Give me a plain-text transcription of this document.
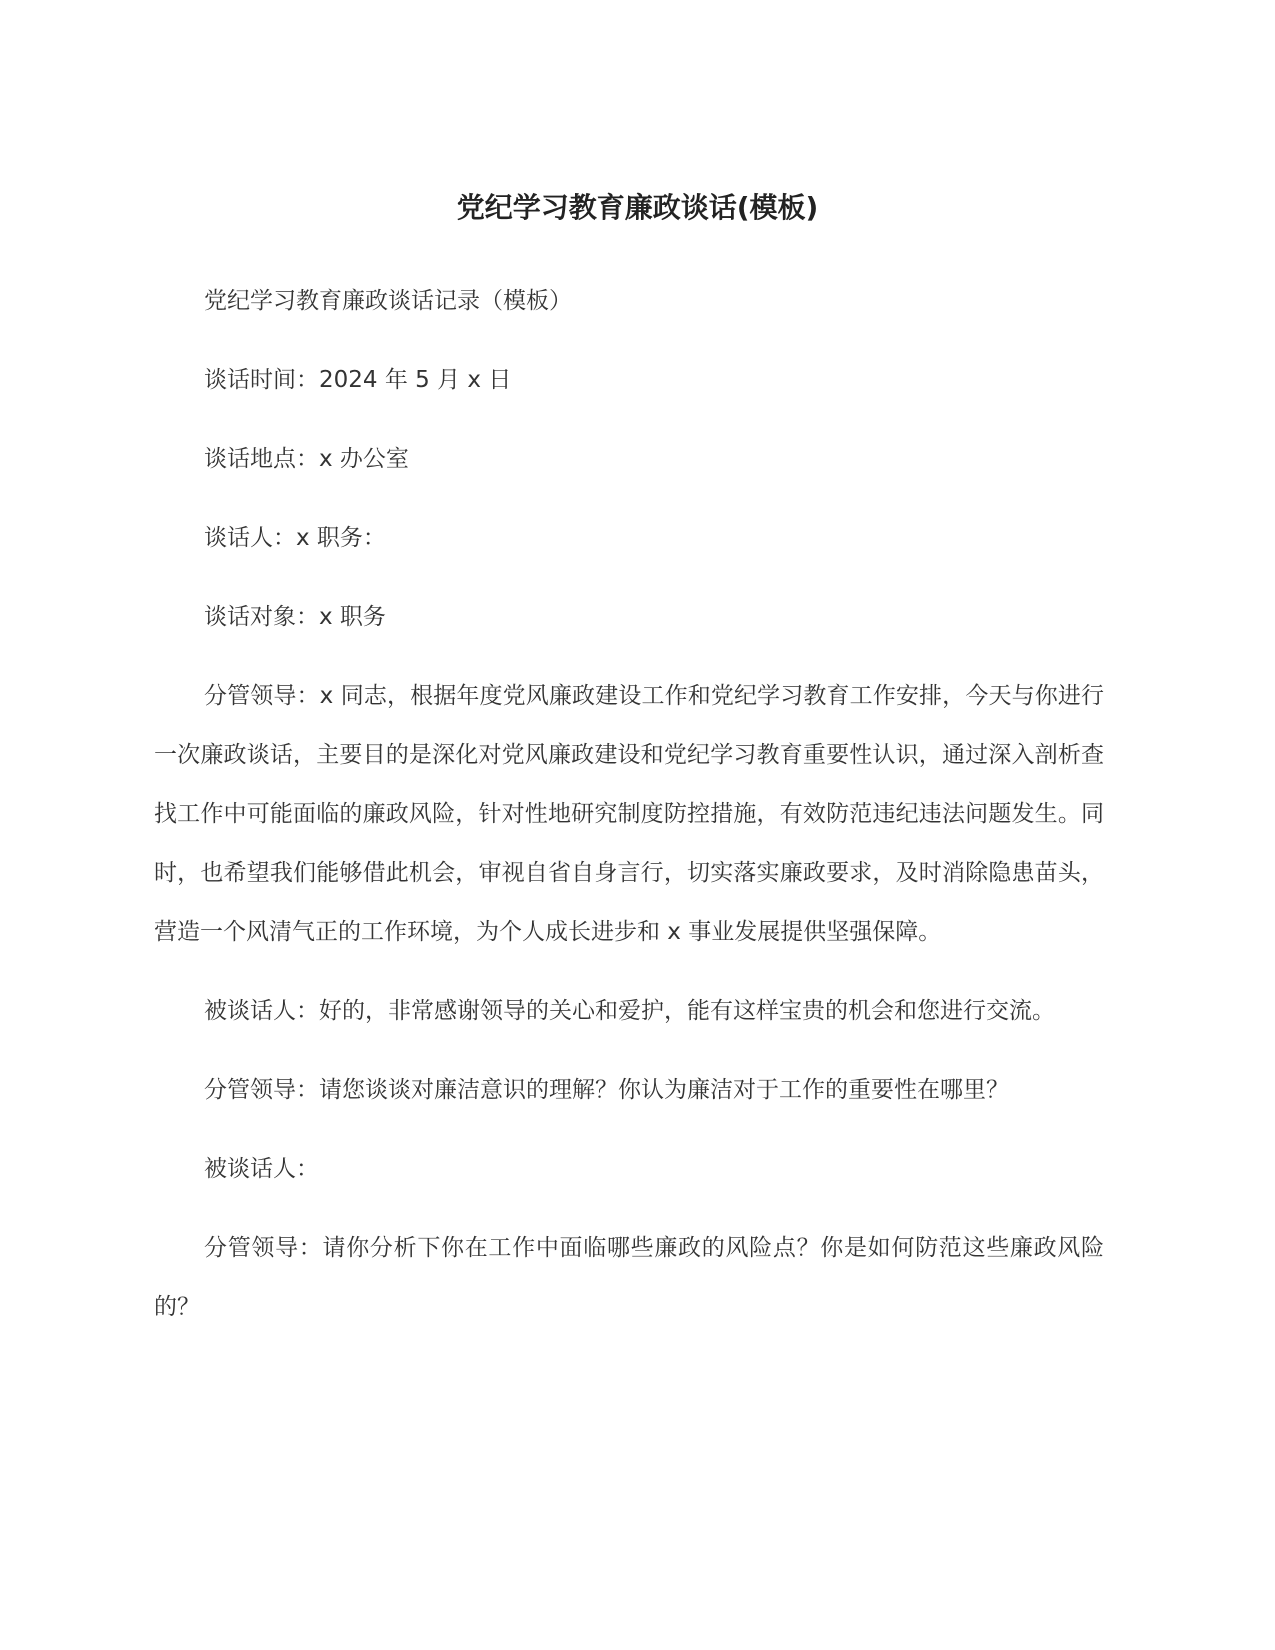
党纪学习教育廉政谈话(模板)

党纪学习教育廉政谈话记录（模板）

谈话时间：2024 年 5 月 x 日

谈话地点：x 办公室

谈话人：x 职务：

谈话对象：x 职务

分管领导：x 同志，根据年度党风廉政建设工作和党纪学习教育工作安排，今天与你进行一次廉政谈话，主要目的是深化对党风廉政建设和党纪学习教育重要性认识，通过深入剖析查找工作中可能面临的廉政风险，针对性地研究制度防控措施，有效防范违纪违法问题发生。同时，也希望我们能够借此机会，审视自省自身言行，切实落实廉政要求，及时消除隐患苗头，营造一个风清气正的工作环境，为个人成长进步和 x 事业发展提供坚强保障。

被谈话人：好的，非常感谢领导的关心和爱护，能有这样宝贵的机会和您进行交流。

分管领导：请您谈谈对廉洁意识的理解？你认为廉洁对于工作的重要性在哪里？

被谈话人：

分管领导：请你分析下你在工作中面临哪些廉政的风险点？你是如何防范这些廉政风险的？
